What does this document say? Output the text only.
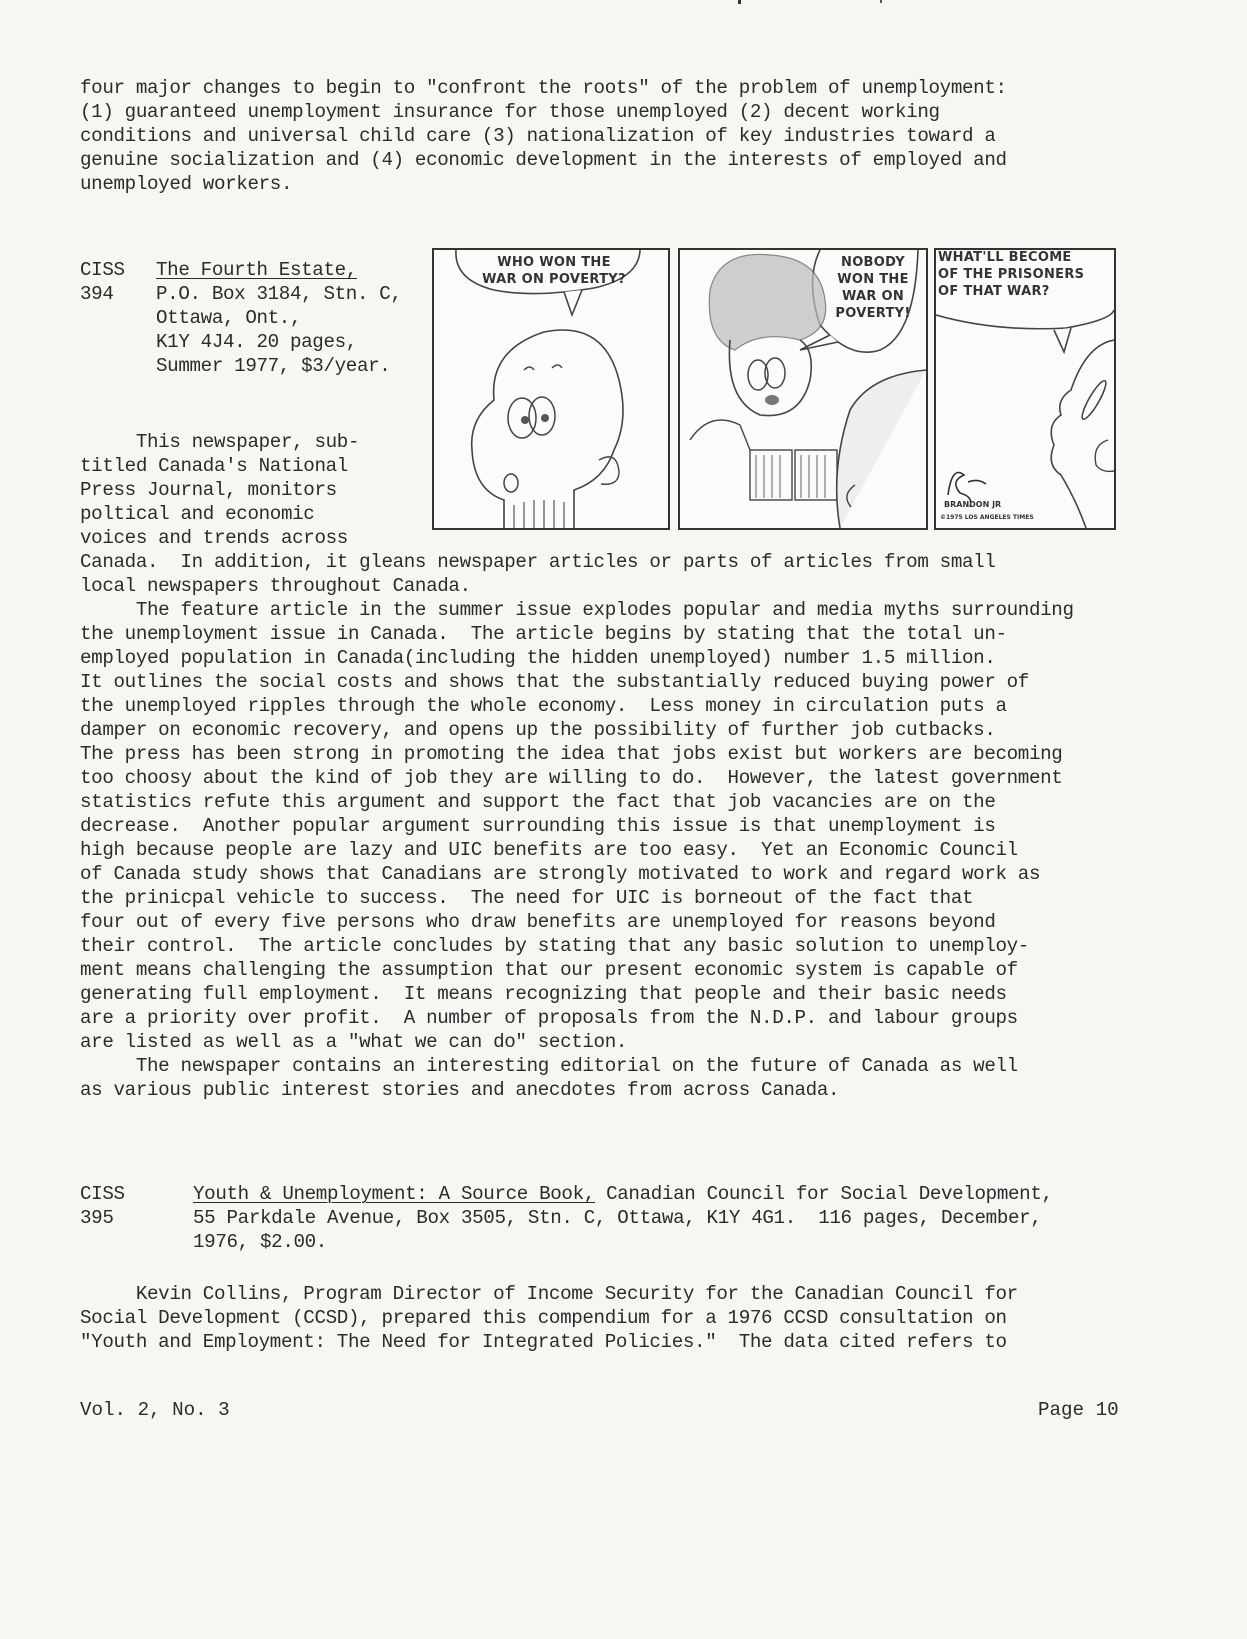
four major changes to begin to "confront the roots" of the problem of unemployment:
(1) guaranteed unemployment insurance for those unemployed (2) decent working
conditions and universal child care (3) nationalization of key industries toward a
genuine socialization and (4) economic development in the interests of employed and
unemployed workers.
CISS
394
The Fourth Estate,
P.O. Box 3184, Stn. C,
Ottawa, Ont.,
K1Y 4J4. 20 pages,
Summer 1977, $3/year.
This newspaper, sub-
titled Canada's National
Press Journal, monitors
poltical and economic
voices and trends across
Canada.  In addition, it gleans newspaper articles or parts of articles from small
local newspapers throughout Canada.
The feature article in the summer issue explodes popular and media myths surrounding
the unemployment issue in Canada.  The article begins by stating that the total un-
employed population in Canada(including the hidden unemployed) number 1.5 million.
It outlines the social costs and shows that the substantially reduced buying power of
the unemployed ripples through the whole economy.  Less money in circulation puts a
damper on economic recovery, and opens up the possibility of further job cutbacks.
The press has been strong in promoting the idea that jobs exist but workers are becoming
too choosy about the kind of job they are willing to do.  However, the latest government
statistics refute this argument and support the fact that job vacancies are on the
decrease.  Another popular argument surrounding this issue is that unemployment is
high because people are lazy and UIC benefits are too easy.  Yet an Economic Council
of Canada study shows that Canadians are strongly motivated to work and regard work as
the prinicpal vehicle to success.  The need for UIC is borneout of the fact that
four out of every five persons who draw benefits are unemployed for reasons beyond
their control.  The article concludes by stating that any basic solution to unemploy-
ment means challenging the assumption that our present economic system is capable of
generating full employment.  It means recognizing that people and their basic needs
are a priority over profit.  A number of proposals from the N.D.P. and labour groups
are listed as well as a "what we can do" section.
The newspaper contains an interesting editorial on the future of Canada as well
as various public interest stories and anecdotes from across Canada.
WHO WON THE
WAR ON POVERTY?
NOBODY
WON THE
WAR ON
POVERTY!
WHAT'LL BECOME
OF THE PRISONERS
OF THAT WAR?
BRANDON JR
©1975 LOS ANGELES TIMES
CISS
395
Youth & Unemployment: A Source Book, Canadian Council for Social Development,
55 Parkdale Avenue, Box 3505, Stn. C, Ottawa, K1Y 4G1.  116 pages, December,
1976, $2.00.
Kevin Collins, Program Director of Income Security for the Canadian Council for
Social Development (CCSD), prepared this compendium for a 1976 CCSD consultation on
"Youth and Employment: The Need for Integrated Policies."  The data cited refers to
Vol. 2, No. 3	Page 10
